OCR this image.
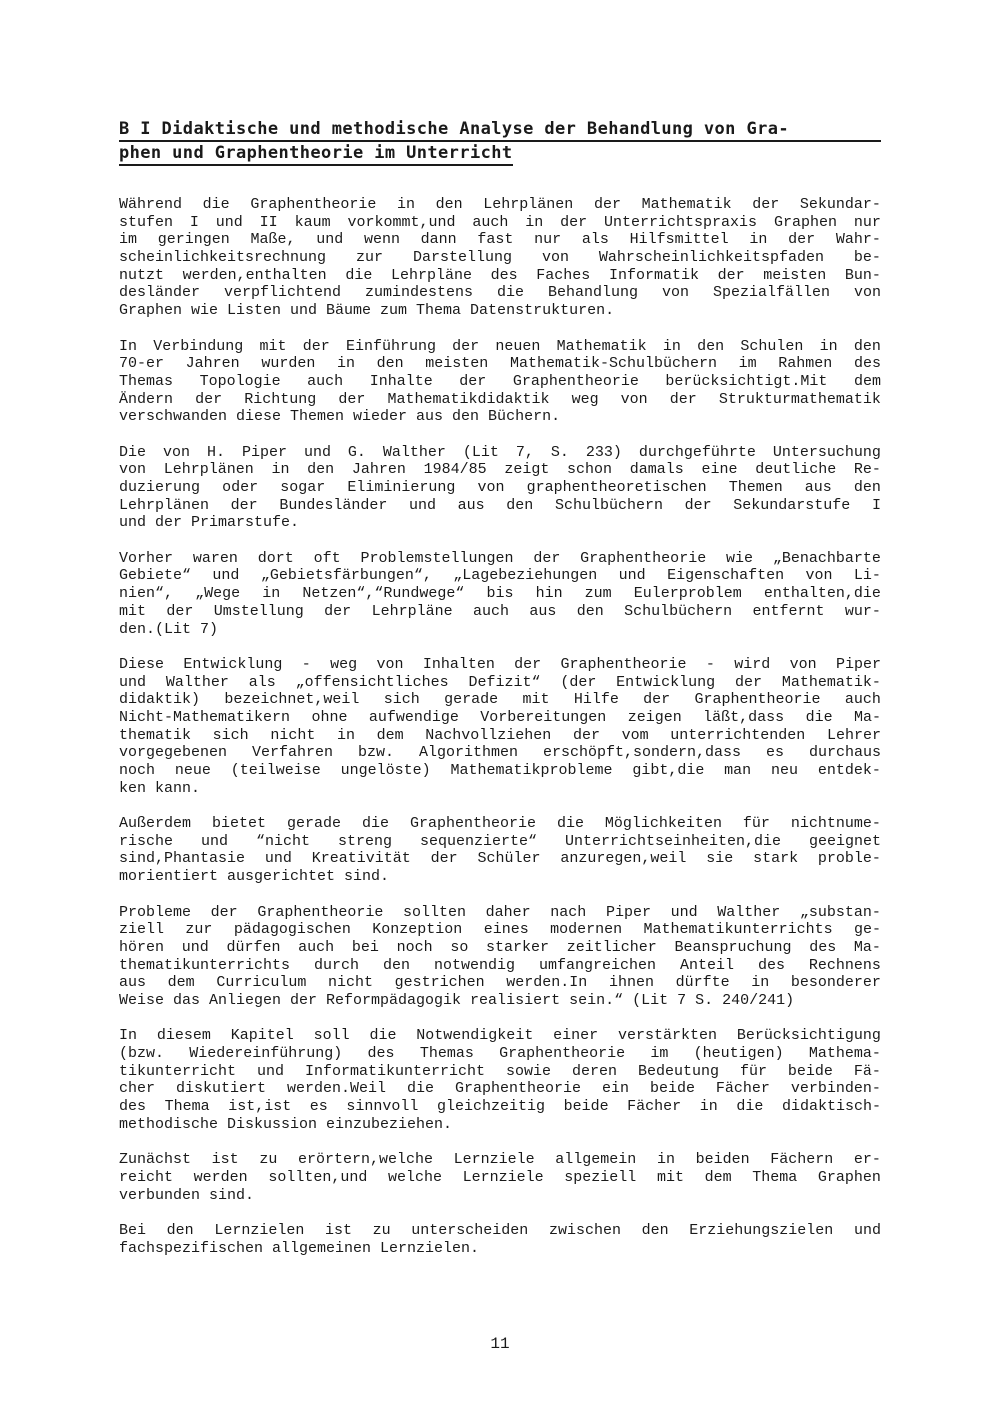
B I Didaktische und methodische Analyse der Behandlung von Gra-
phen und Graphentheorie im Unterricht
Während die Graphentheorie in den Lehrplänen der Mathematik der Sekundar-
stufen I und II kaum vorkommt,und auch in der Unterrichtspraxis Graphen nur
im geringen Maße, und wenn dann fast nur als Hilfsmittel in der Wahr-
scheinlichkeitsrechnung zur Darstellung von Wahrscheinlichkeitspfaden be-
nutzt werden,enthalten die Lehrpläne des Faches Informatik der meisten Bun-
desländer verpflichtend zumindestens die Behandlung von Spezialfällen von
Graphen wie Listen und Bäume zum Thema Datenstrukturen.
In Verbindung mit der Einführung der neuen Mathematik in den Schulen in den
70-er Jahren wurden in den meisten Mathematik-Schulbüchern im Rahmen des
Themas Topologie auch Inhalte der Graphentheorie berücksichtigt.Mit dem
Ändern der Richtung der Mathematikdidaktik weg von der Strukturmathematik
verschwanden diese Themen wieder aus den Büchern.
Die von H. Piper und G. Walther (Lit 7, S. 233) durchgeführte Untersuchung
von Lehrplänen in den Jahren 1984/85 zeigt schon damals eine deutliche Re-
duzierung oder sogar Eliminierung von graphentheoretischen Themen aus den
Lehrplänen der Bundesländer und aus den Schulbüchern der Sekundarstufe I
und der Primarstufe.
Vorher waren dort oft Problemstellungen der Graphentheorie wie „Benachbarte
Gebiete“ und „Gebietsfärbungen“, „Lagebeziehungen und Eigenschaften von Li-
nien“, „Wege in Netzen“,“Rundwege“ bis hin zum Eulerproblem enthalten,die
mit der Umstellung der Lehrpläne auch aus den Schulbüchern entfernt wur-
den.(Lit 7)
Diese Entwicklung - weg von Inhalten der Graphentheorie - wird von Piper
und Walther als „offensichtliches Defizit“ (der Entwicklung der Mathematik-
didaktik) bezeichnet,weil sich gerade mit Hilfe der Graphentheorie auch
Nicht-Mathematikern ohne aufwendige Vorbereitungen zeigen läßt,dass die Ma-
thematik sich nicht in dem Nachvollziehen der vom unterrichtenden Lehrer
vorgegebenen Verfahren bzw. Algorithmen erschöpft,sondern,dass es durchaus
noch neue (teilweise ungelöste) Mathematikprobleme gibt,die man neu entdek-
ken kann.
Außerdem bietet gerade die Graphentheorie die Möglichkeiten für nichtnume-
rische und “nicht streng sequenzierte“ Unterrichtseinheiten,die geeignet
sind,Phantasie und Kreativität der Schüler anzuregen,weil sie stark proble-
morientiert ausgerichtet sind.
Probleme der Graphentheorie sollten daher nach Piper und Walther „substan-
ziell zur pädagogischen Konzeption eines modernen Mathematikunterrichts ge-
hören und dürfen auch bei noch so starker zeitlicher Beanspruchung des Ma-
thematikunterrichts durch den notwendig umfangreichen Anteil des Rechnens
aus dem Curriculum nicht gestrichen werden.In ihnen dürfte in besonderer
Weise das Anliegen der Reformpädagogik realisiert sein.“ (Lit 7 S. 240/241)
In diesem Kapitel soll die Notwendigkeit einer verstärkten Berücksichtigung
(bzw. Wiedereinführung) des Themas Graphentheorie im (heutigen) Mathema-
tikunterricht und Informatikunterricht sowie deren Bedeutung für beide Fä-
cher diskutiert werden.Weil die Graphentheorie ein beide Fächer verbinden-
des Thema ist,ist es sinnvoll gleichzeitig beide Fächer in die didaktisch-
methodische Diskussion einzubeziehen.
Zunächst ist zu erörtern,welche Lernziele allgemein in beiden Fächern er-
reicht werden sollten,und welche Lernziele speziell mit dem Thema Graphen
verbunden sind.
Bei den Lernzielen ist zu unterscheiden zwischen den Erziehungszielen und
fachspezifischen allgemeinen Lernzielen.
11
